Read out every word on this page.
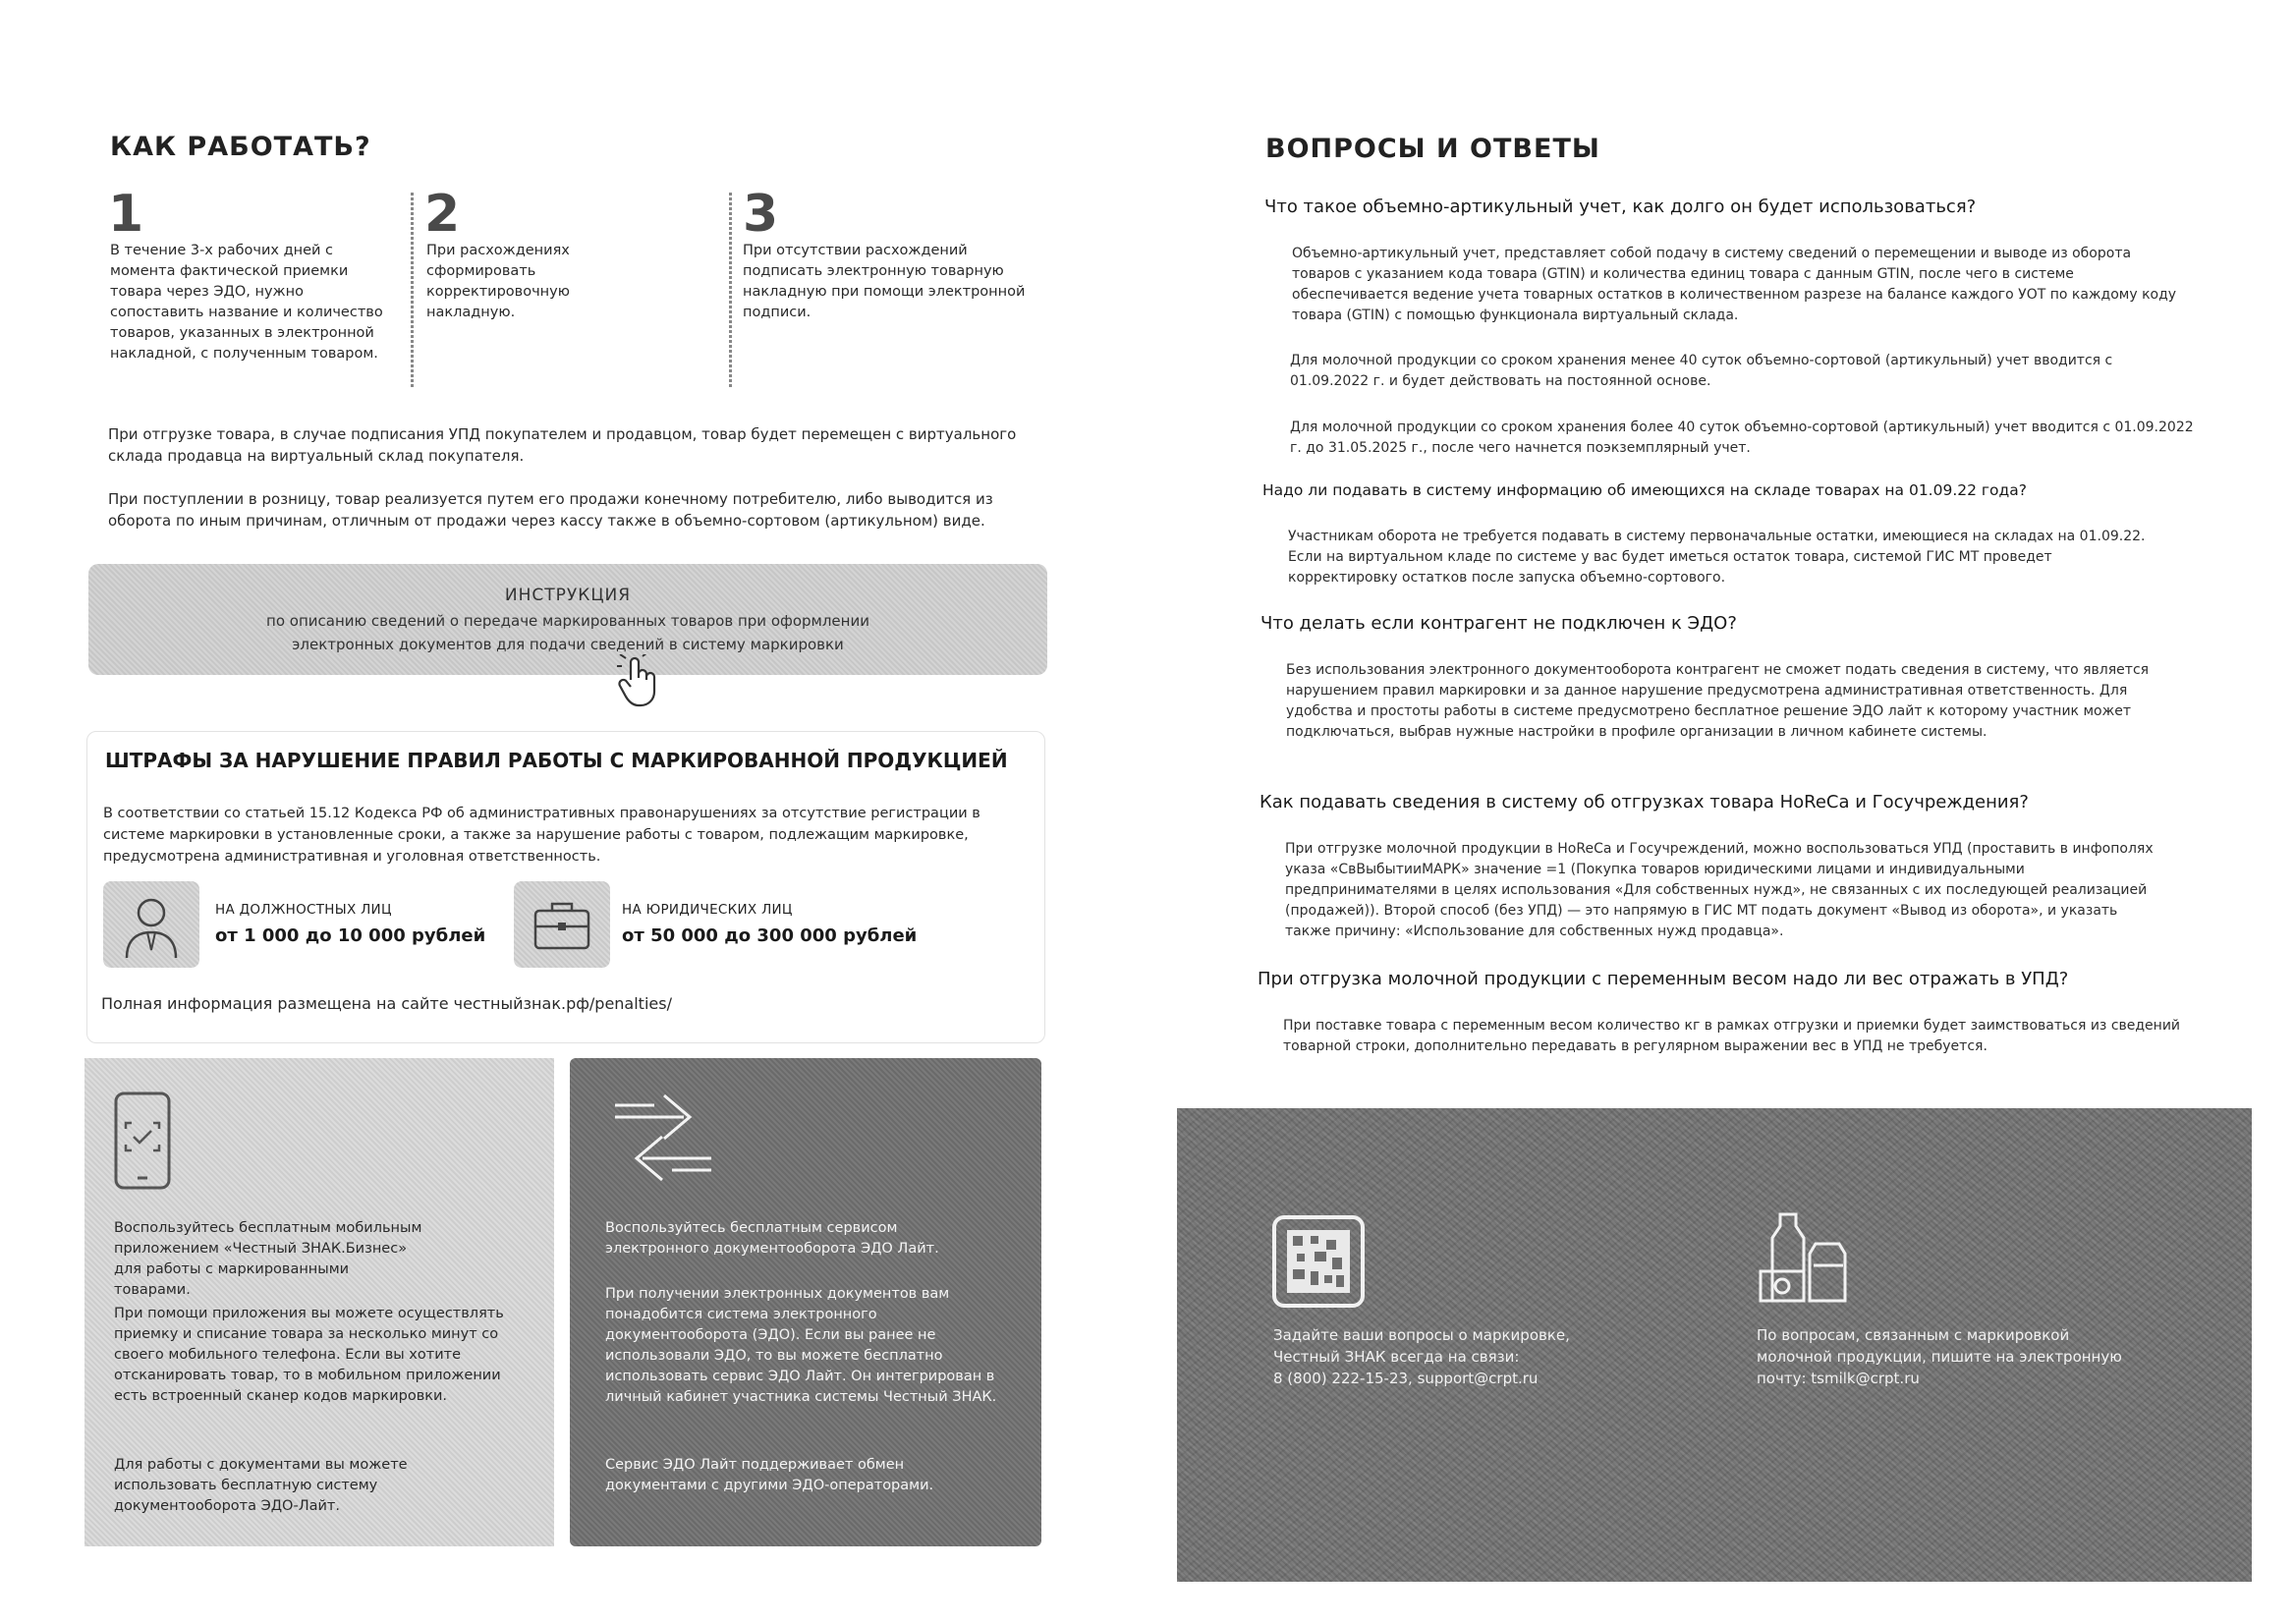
КАК РАБОТАТЬ?
1
В течение 3-х рабочих дней с момента фактической приемки товара через ЭДО, нужно сопоставить название и количество товаров, указанных в электронной накладной, с полученным товаром.
2
При расхождениях сформировать корректировочную накладную.
3
При отсутствии расхождений подписать электронную товарную накладную при помощи электронной подписи.
При отгрузке товара, в случае подписания УПД покупателем и продавцом, товар будет перемещен с виртуального склада продавца на виртуальный склад покупателя.
При поступлении в розницу, товар реализуется путем его продажи конечному потребителю, либо выводится из оборота по иным причинам, отличным от продажи через кассу также в объемно-сортовом (артикульном) виде.
ИНСТРУКЦИЯ
по описанию сведений о передаче маркированных товаров при оформлении
электронных документов для подачи сведений в систему маркировки
ШТРАФЫ ЗА НАРУШЕНИЕ ПРАВИЛ РАБОТЫ С МАРКИРОВАННОЙ ПРОДУКЦИЕЙ
В соответствии со статьей 15.12 Кодекса РФ об административных правонарушениях за отсутствие регистрации в системе маркировки в установленные сроки, а также за нарушение работы с товаром, подлежащим маркировке, предусмотрена административная и уголовная ответственность.
НА ДОЛЖНОСТНЫХ ЛИЦ
от 1 000 до 10 000 рублей
НА ЮРИДИЧЕСКИХ ЛИЦ
от 50 000 до 300 000 рублей
Полная информация размещена на сайте честныйзнак.рф/penalties/
Воспользуйтесь бесплатным мобильным приложением «Честный ЗНАК.Бизнес» для работы с маркированными товарами.
При помощи приложения вы можете осуществлять приемку и списание товара за несколько минут со своего мобильного телефона. Если вы хотите отсканировать товар, то в мобильном приложении есть встроенный сканер кодов маркировки.
Для работы с документами вы можете использовать бесплатную систему документооборота ЭДО-Лайт.
Воспользуйтесь бесплатным сервисом электронного документооборота ЭДО Лайт.
При получении электронных документов вам понадобится система электронного документооборота (ЭДО). Если вы ранее не использовали ЭДО, то вы можете бесплатно использовать сервис ЭДО Лайт. Он интегрирован в личный кабинет участника системы Честный ЗНАК.
Сервис ЭДО Лайт поддерживает обмен документами с другими ЭДО-операторами.
ВОПРОСЫ И ОТВЕТЫ
Что такое объемно-артикульный учет, как долго он будет использоваться?
Объемно-артикульный учет, представляет собой подачу в систему сведений о перемещении и выводе из оборота товаров с указанием кода товара (GTIN) и количества единиц товара с данным GTIN, после чего в системе обеспечивается ведение учета товарных остатков в количественном разрезе на балансе каждого УОТ по каждому коду товара (GTIN) с помощью функционала виртуальный склада.
Для молочной продукции со сроком хранения менее 40 суток объемно-сортовой (артикульный) учет вводится с 01.09.2022 г. и будет действовать на постоянной основе.
Для молочной продукции со сроком хранения более 40 суток объемно-сортовой (артикульный) учет вводится с 01.09.2022 г. до 31.05.2025 г., после чего начнется поэкземплярный учет.
Надо ли подавать в систему информацию об имеющихся на складе товарах на 01.09.22 года?
Участникам оборота не требуется подавать в систему первоначальные остатки, имеющиеся на складах на 01.09.22. Если на виртуальном кладе по системе у вас будет иметься остаток товара, системой ГИС МТ проведет корректировку остатков после запуска объемно-сортового.
Что делать если контрагент не подключен к ЭДО?
Без использования электронного документооборота контрагент не сможет подать сведения в систему, что является нарушением правил маркировки и за данное нарушение предусмотрена административная ответственность. Для удобства и простоты работы в системе предусмотрено бесплатное решение ЭДО лайт к которому участник может подключаться, выбрав нужные настройки в профиле организации в личном кабинете системы.
Как подавать сведения в систему об отгрузках товара HoReCa и Госучреждения?
При отгрузке молочной продукции в HoReCa и Госучреждений, можно воспользоваться УПД (проставить в инфополях указа «СвВыбытииМАРК» значение =1 (Покупка товаров юридическими лицами и индивидуальными предпринимателями в целях использования «Для собственных нужд», не связанных с их последующей реализацией (продажей)). Второй способ (без УПД) — это напрямую в ГИС МТ подать документ «Вывод из оборота», и указать также причину: «Использование для собственных нужд продавца».
При отгрузка молочной продукции с переменным весом надо ли вес отражать в УПД?
При поставке товара с переменным весом количество кг в рамках отгрузки и приемки будет заимствоваться из сведений товарной строки, дополнительно передавать в регулярном выражении вес в УПД не требуется.
Задайте ваши вопросы о маркировке,
Честный ЗНАК всегда на связи:
8 (800) 222-15-23, support@crpt.ru
По вопросам, связанным с маркировкой
молочной продукции, пишите на электронную
почту: tsmilk@crpt.ru
